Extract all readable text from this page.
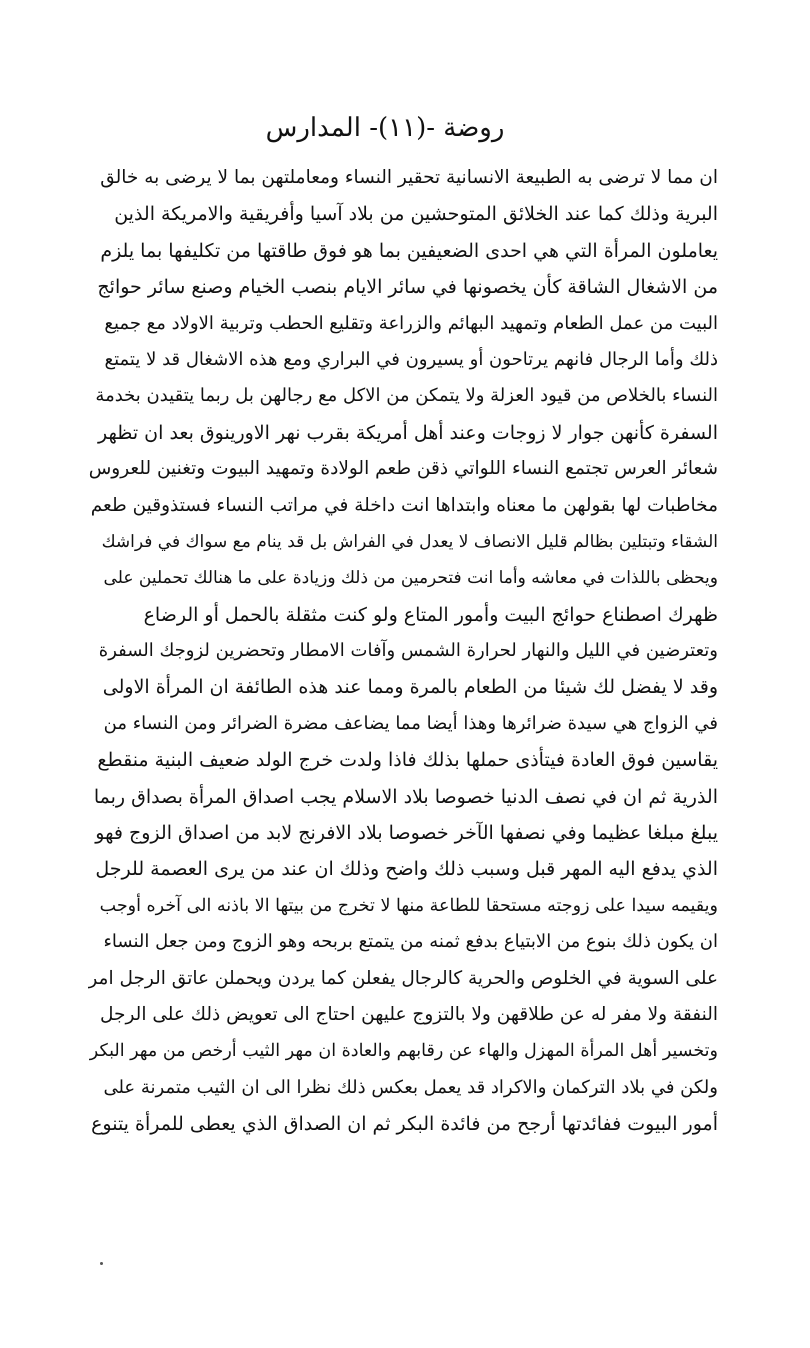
روضة -(١١)- المدارس
ان مما لا ترضى به الطبيعة الانسانية تحقير النساء ومعاملتهن بما لا يرضى به خالق
البرية وذلك كما عند الخلائق المتوحشين من بلاد آسيا وأفريقية والامريكة الذين
يعاملون المرأة التي هي احدى الضعيفين بما هو فوق طاقتها من تكليفها بما يلزم
من الاشغال الشاقة كأن يخصونها في سائر الايام بنصب الخيام وصنع سائر حوائج
البيت من عمل الطعام وتمهيد البهائم والزراعة وتقليع الحطب وتربية الاولاد مع جميع
ذلك وأما الرجال فانهم يرتاحون أو يسيرون في البراري ومع هذه الاشغال قد لا يتمتع
النساء بالخلاص من قيود العزلة ولا يتمكن من الاكل مع رجالهن بل ربما يتقيدن بخدمة
السفرة كأنهن جوار لا زوجات وعند أهل أمريكة بقرب نهر الاورينوق بعد ان تظهر
شعائر العرس تجتمع النساء اللواتي ذقن طعم الولادة وتمهيد البيوت وتغنين للعروس
مخاطبات لها بقولهن ما معناه وابتداها انت داخلة في مراتب النساء فستذوقين طعم
الشقاء وتبتلين بظالم قليل الانصاف لا يعدل في الفراش بل قد ينام مع سواك في فراشك
ويحظى باللذات في معاشه وأما انت فتحرمين من ذلك وزيادة على ما هنالك تحملين على
ظهرك اصطناع حوائج البيت وأمور المتاع ولو كنت مثقلة بالحمل أو الرضاع
وتعترضين في الليل والنهار لحرارة الشمس وآفات الامطار وتحضرين لزوجك السفرة
وقد لا يفضل لك شيئا من الطعام بالمرة ومما عند هذه الطائفة ان المرأة الاولى
في الزواج هي سيدة ضرائرها وهذا أيضا مما يضاعف مضرة الضرائر ومن النساء من
يقاسين فوق العادة فيتأذى حملها بذلك فاذا ولدت خرج الولد ضعيف البنية منقطع
الذرية ثم ان في نصف الدنيا خصوصا بلاد الاسلام يجب اصداق المرأة بصداق ربما
يبلغ مبلغا عظيما وفي نصفها الآخر خصوصا بلاد الافرنج لابد من اصداق الزوج فهو
الذي يدفع اليه المهر قبل وسبب ذلك واضح وذلك ان عند من يرى العصمة للرجل
ويقيمه سيدا على زوجته مستحقا للطاعة منها لا تخرج من بيتها الا باذنه الى آخره أوجب
ان يكون ذلك بنوع من الابتياع بدفع ثمنه من يتمتع بربحه وهو الزوج ومن جعل النساء
على السوية في الخلوص والحرية كالرجال يفعلن كما يردن ويحملن عاتق الرجل امر
النفقة ولا مفر له عن طلاقهن ولا بالتزوج عليهن احتاج الى تعويض ذلك على الرجل
وتخسير أهل المرأة المهزل والهاء عن رقابهم والعادة ان مهر الثيب أرخص من مهر البكر
ولكن في بلاد التركمان والاكراد قد يعمل بعكس ذلك نظرا الى ان الثيب متمرنة على
أمور البيوت ففائدتها أرجح من فائدة البكر ثم ان الصداق الذي يعطى للمرأة يتنوع
